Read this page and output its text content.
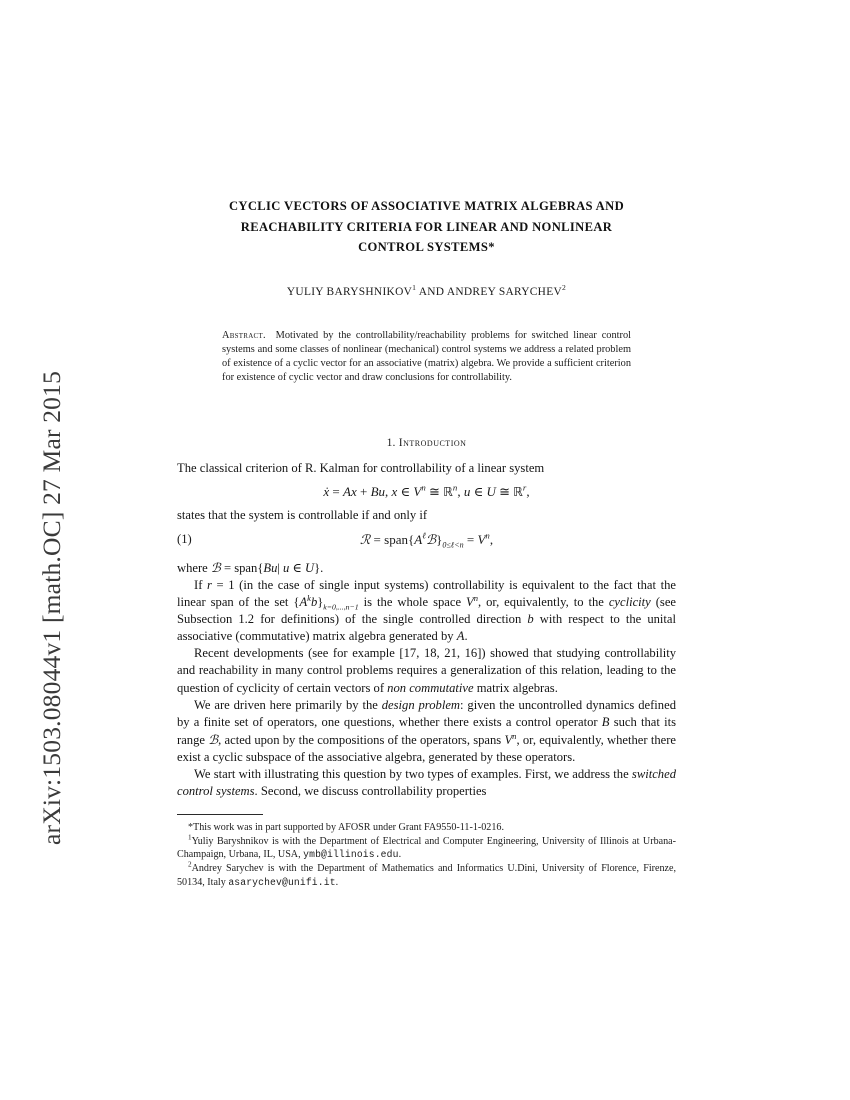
arXiv:1503.08044v1 [math.OC] 27 Mar 2015
CYCLIC VECTORS OF ASSOCIATIVE MATRIX ALGEBRAS AND
REACHABILITY CRITERIA FOR LINEAR AND NONLINEAR
CONTROL SYSTEMS*
YULIY BARYSHNIKOV$^1$ AND ANDREY SARYCHEV$^2$
Abstract. Motivated by the controllability/reachability problems for switched linear control systems and some classes of nonlinear (mechanical) control systems we address a related problem of existence of a cyclic vector for an associative (matrix) algebra. We provide a sufficient criterion for existence of cyclic vector and draw conclusions for controllability.
1. Introduction

The classical criterion of R. Kalman for controllability of a linear system

ẋ = Ax + Bu, x ∈ $V^n$ ≅ ℝ$^n$, u ∈ U ≅ ℝ$^r$,

states that the system is controllable if and only if

(1)	ℛ = $span\{A^\ell ℬ\}_{0\le\ell<n} = V^n$,

where ℬ = span{Bu| u ∈ U}.

If r = 1 (in the case of single input systems) controllability is equivalent to the fact that the linear span of the set $\{A^kb\}_{k=0,...,n-1}$ is the whole space $V^n$, or, equivalently, to the cyclicity (see Subsection 1.2 for definitions) of the single controlled direction b with respect to the unital associative (commutative) matrix algebra generated by A.

Recent developments (see for example [17, 18, 21, 16]) showed that studying controllability and reachability in many control problems requires a generalization of this relation, leading to the question of cyclicity of certain vectors of non commutative matrix algebras.

We are driven here primarily by the design problem: given the uncontrolled dynamics defined by a finite set of operators, one questions, whether there exists a control operator B such that its range ℬ, acted upon by the compositions of the operators, spans $V^n$, or, equivalently, whether there exist a cyclic subspace of the associative algebra, generated by these operators.

We start with illustrating this question by two types of examples. First, we address the switched control systems. Second, we discuss controllability properties

*This work was in part supported by AFOSR under Grant FA9550-11-1-0216.

$^1$Yuliy Baryshnikov is with the Department of Electrical and Computer Engineering, University of Illinois at Urbana-Champaign, Urbana, IL, USA, ymb@illinois.edu.

$^2$Andrey Sarychev is with the Department of Mathematics and Informatics U.Dini, University of Florence, Firenze, 50134, Italy asarychev@unifi.it.
